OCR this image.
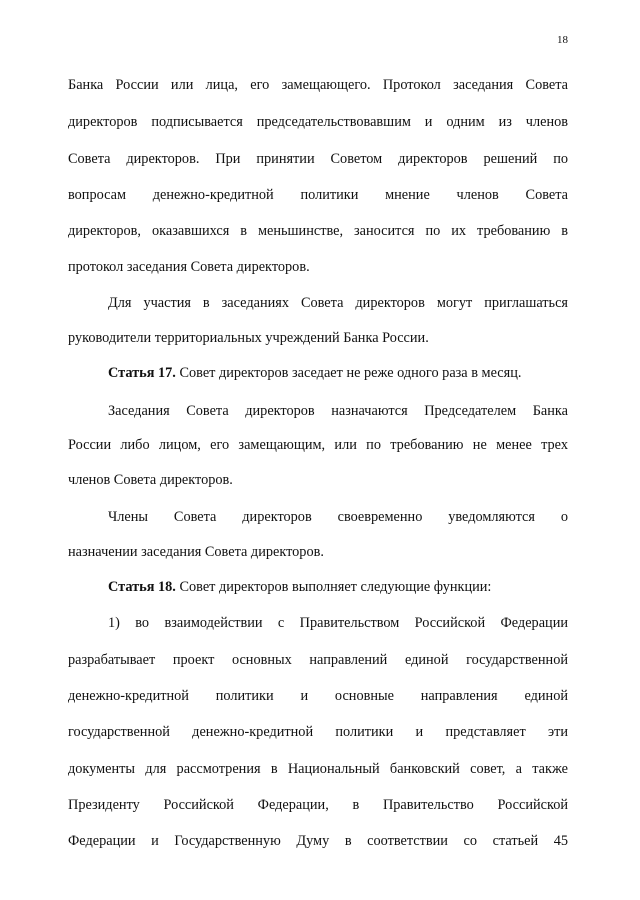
18
Банка России или лица, его замещающего. Протокол заседания Совета
директоров подписывается председательствовавшим и одним из членов
Совета директоров. При принятии Советом директоров решений по
вопросам денежно-кредитной политики мнение членов Совета
директоров, оказавшихся в меньшинстве, заносится по их требованию в
протокол заседания Совета директоров.
Для участия в заседаниях Совета директоров могут приглашаться
руководители территориальных учреждений Банка России.
Статья 17. Совет директоров заседает не реже одного раза в месяц.
Заседания Совета директоров назначаются Председателем Банка
России либо лицом, его замещающим, или по требованию не менее трех
членов Совета директоров.
Члены Совета директоров своевременно уведомляются о
назначении заседания Совета директоров.
Статья 18. Совет директоров выполняет следующие функции:
1) во взаимодействии с Правительством Российской Федерации
разрабатывает проект основных направлений единой государственной
денежно-кредитной политики и основные направления единой
государственной денежно-кредитной политики и представляет эти
документы для рассмотрения в Национальный банковский совет, а также
Президенту Российской Федерации, в Правительство Российской
Федерации и Государственную Думу в соответствии со статьей 45
